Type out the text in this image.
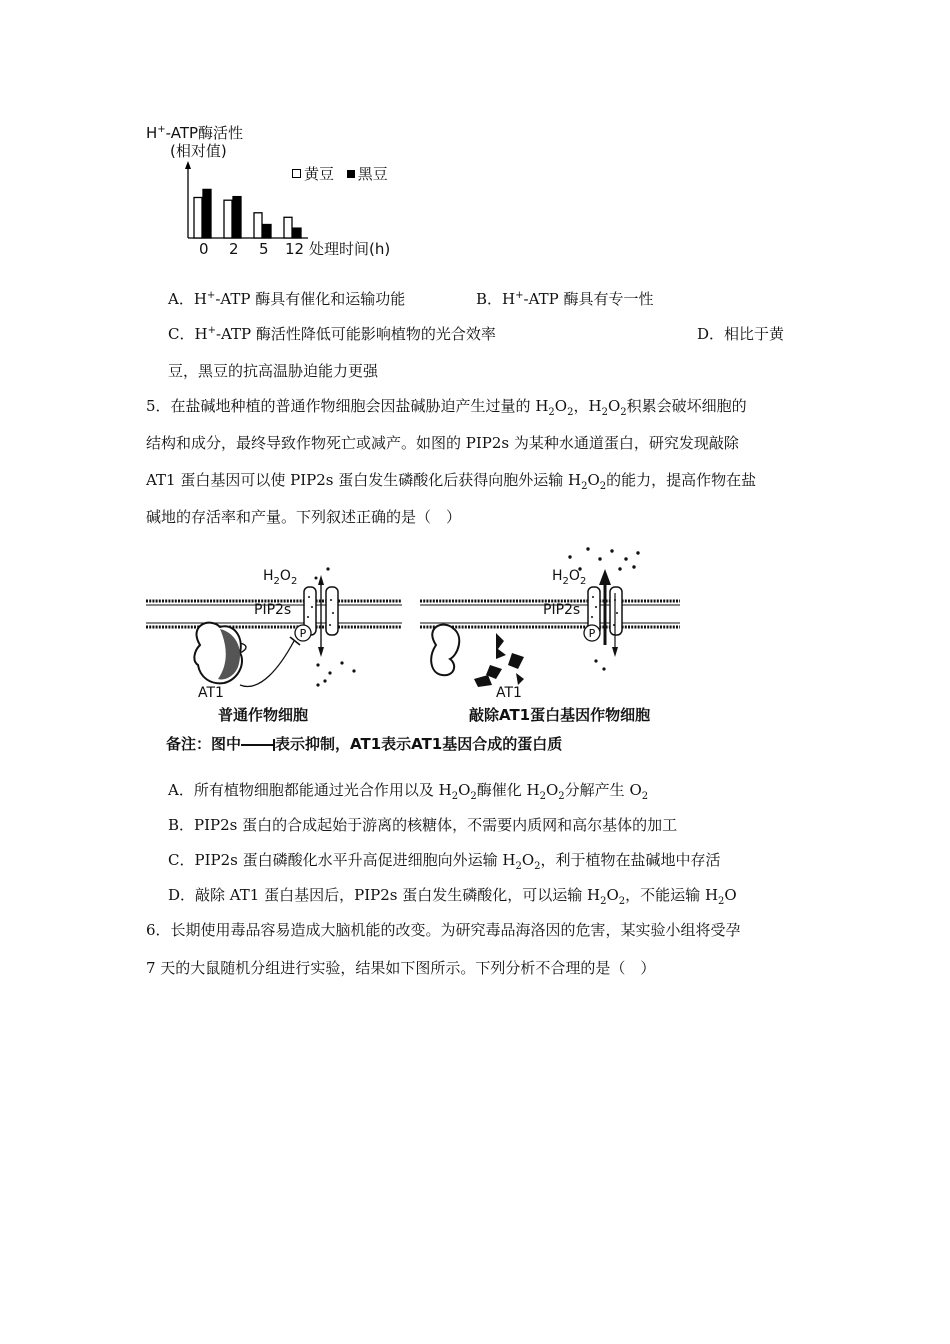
H+-ATP酶活性
(相对值)
黄豆 黑豆
0 2 5 12 处理时间(h)
A．H+-ATP 酶具有催化和运输功能	B．H+-ATP 酶具有专一性
C．H+-ATP 酶活性降低可能影响植物的光合效率	D．相比于黄
豆，黑豆的抗高温胁迫能力更强
5．在盐碱地种植的普通作物细胞会因盐碱胁迫产生过量的 $H_2O_2$，$H_2O_2$积累会破坏细胞的
结构和成分，最终导致作物死亡或减产。如图的 PIP2s 为某种水通道蛋白，研究发现敲除
AT1 蛋白基因可以使 PIP2s 蛋白发生磷酸化后获得向胞外运输 $H_2O_2$的能力，提高作物在盐
碱地的存活率和产量。下列叙述正确的是（　）
P	P
$H_2O_2$
PIP2s
AT1
$H_2O_2$
PIP2s
AT1
普通作物细胞	敲除AT1蛋白基因作物细胞
备注：图中 表示抑制，AT1表示AT1基因合成的蛋白质
A．所有植物细胞都能通过光合作用以及 $H_2O_2$酶催化 $H_2O_2$分解产生 $O_2$
B．PIP2s 蛋白的合成起始于游离的核糖体，不需要内质网和高尔基体的加工
C．PIP2s 蛋白磷酸化水平升高促进细胞向外运输 $H_2O_2$，利于植物在盐碱地中存活
D．敲除 AT1 蛋白基因后，PIP2s 蛋白发生磷酸化，可以运输 $H_2O_2$，不能运输 $H_2O$
6．长期使用毒品容易造成大脑机能的改变。为研究毒品海洛因的危害，某实验小组将受孕
7 天的大鼠随机分组进行实验，结果如下图所示。下列分析不合理的是（　）
